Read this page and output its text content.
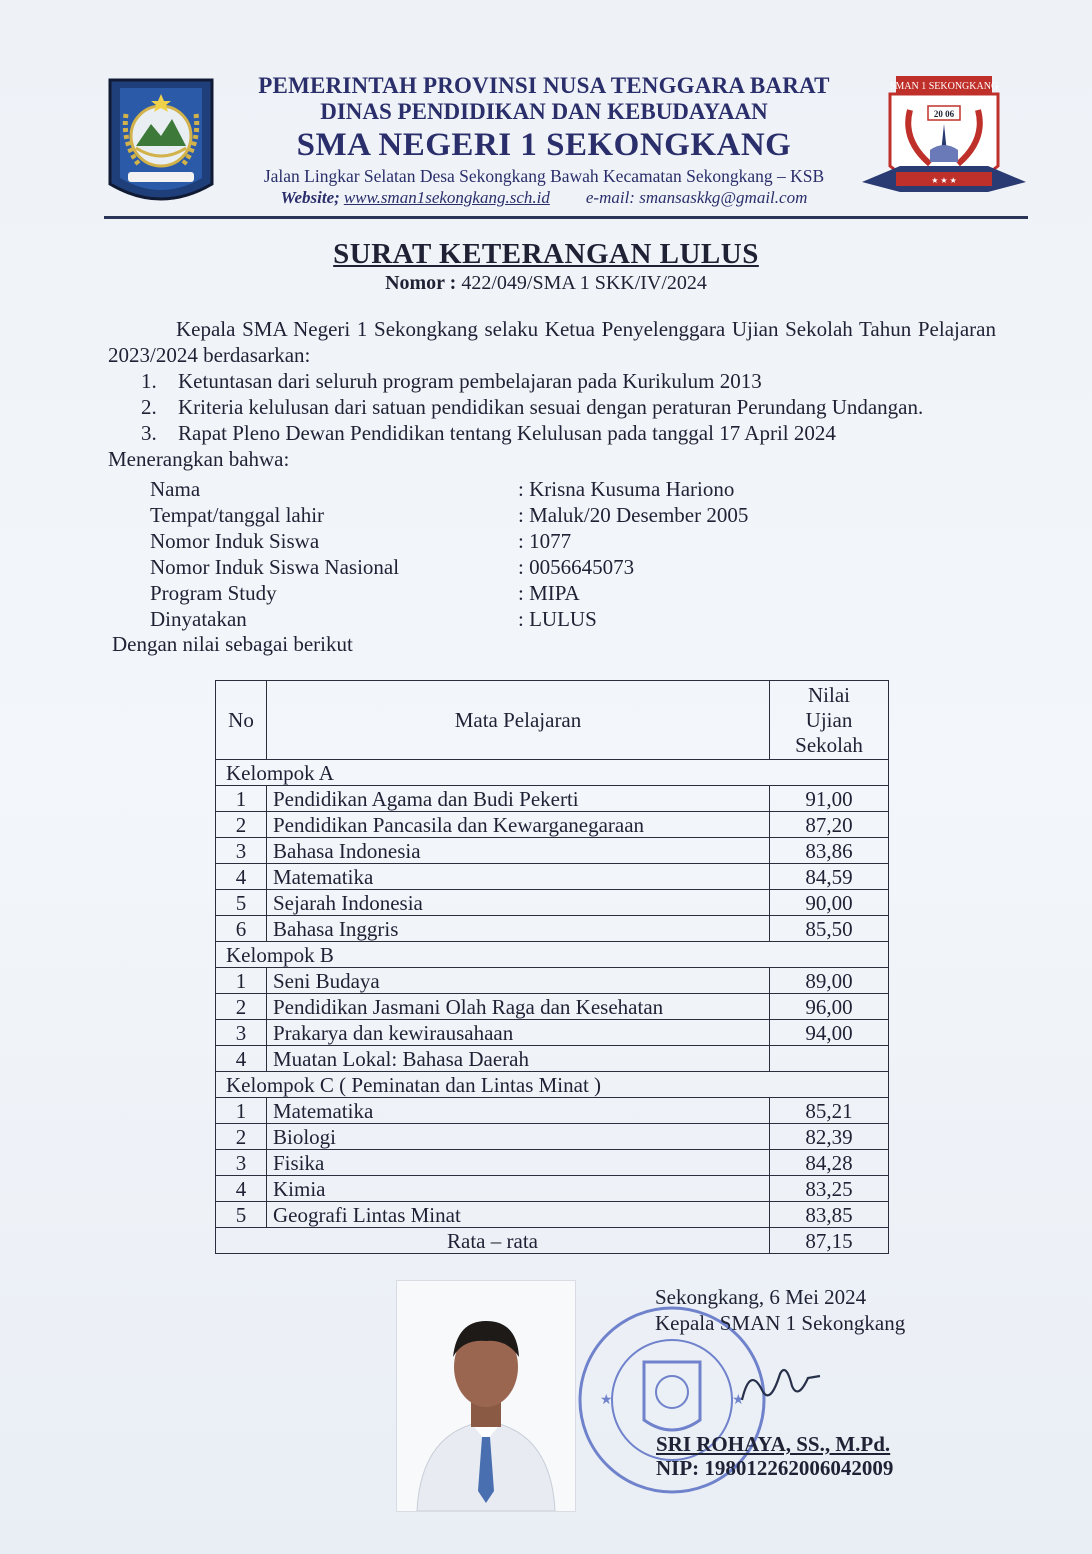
PEMERINTAH PROVINSI NUSA TENGGARA BARAT
DINAS PENDIDIKAN DAN KEBUDAYAAN
SMA NEGERI 1 SEKONGKANG
Jalan Lingkar Selatan Desa Sekongkang Bawah Kecamatan Sekongkang – KSB
Website; www.sman1sekongkang.sch.id e-mail: smansaskkg@gmail.com
SMAN 1 SEKONGKANG
20 06
★ ★ ★
SURAT KETERANGAN LULUS
Nomor : 422/049/SMA 1 SKK/IV/2024
Kepala SMA Negeri 1 Sekongkang selaku Ketua Penyelenggara Ujian Sekolah Tahun Pelajaran 2023/2024 berdasarkan:
1. Ketuntasan dari seluruh program pembelajaran pada Kurikulum 2013
2. Kriteria kelulusan dari satuan pendidikan sesuai dengan peraturan Perundang Undangan.
3. Rapat Pleno Dewan Pendidikan tentang Kelulusan pada tanggal 17 April 2024
Menerangkan bahwa:
Nama	: Krisna Kusuma Hariono
Tempat/tanggal lahir	: Maluk/20 Desember 2005
Nomor Induk Siswa	: 1077
Nomor Induk Siswa Nasional	: 0056645073
Program Study	: MIPA
Dinyatakan	: LULUS
Dengan nilai sebagai berikut
No	Mata Pelajaran	Nilai
Ujian
Sekolah
Kelompok A		
1	Pendidikan Agama dan Budi Pekerti	91,00
2	Pendidikan Pancasila dan Kewarganegaraan	87,20
3	Bahasa Indonesia	83,86
4	Matematika	84,59
5	Sejarah Indonesia	90,00
6	Bahasa Inggris	85,50
Kelompok B		
1	Seni Budaya	89,00
2	Pendidikan Jasmani Olah Raga dan Kesehatan	96,00
3	Prakarya dan kewirausahaan	94,00
4	Muatan Lokal: Bahasa Daerah	
Kelompok C ( Peminatan dan Lintas Minat )		
1	Matematika	85,21
2	Biologi	82,39
3	Fisika	84,28
4	Kimia	83,25
5	Geografi Lintas Minat	83,85
Rata – rata		87,15
★	★
Sekongkang, 6 Mei 2024
Kepala SMAN 1 Sekongkang
SRI ROHAYA, SS., M.Pd.
NIP: 198012262006042009
